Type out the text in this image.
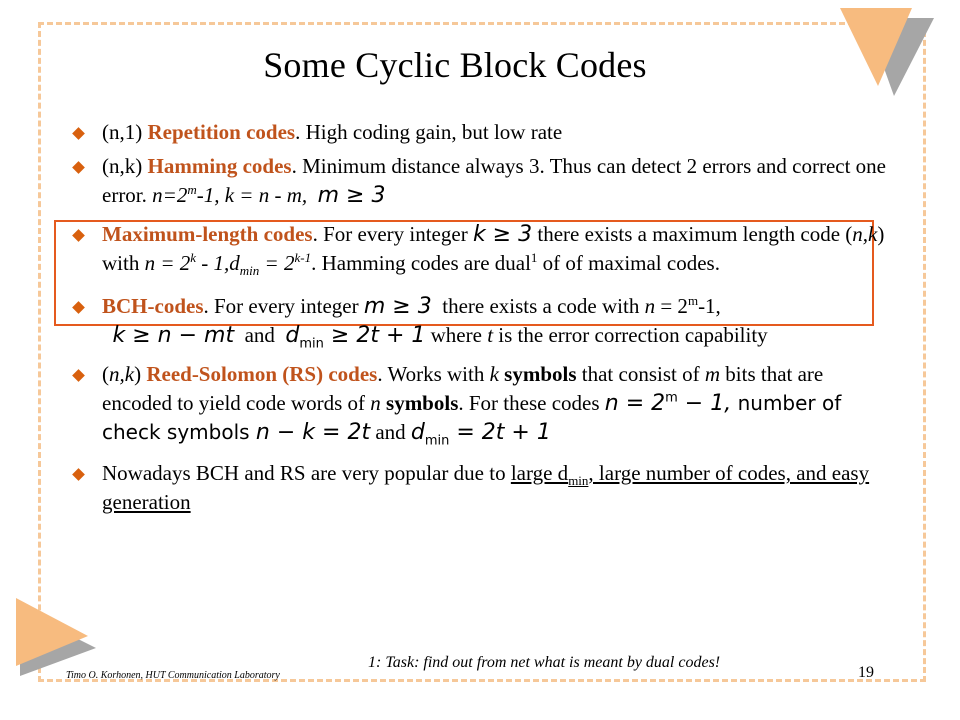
Some Cyclic Block Codes
(n,1) Repetition codes. High coding gain, but low rate
(n,k) Hamming codes. Minimum distance always 3. Thus can detect 2 errors and correct one error. $n=2^m-1$, k = n - m, m ≥ 3
Maximum-length codes. For every integer k ≥ 3 there exists a maximum length code (n,k) with $n = 2^k - 1,d_{min} = 2^{k-1}$. Hamming codes are dual$^1$ of of maximal codes.
BCH-codes. For every integer m ≥ 3  there exists a code with $n = 2^m-1$,
k ≥ n − mt and $d_{min} \ge 2t + 1$ where t is the error correction capability
(n,k) Reed-Solomon (RS) codes. Works with k symbols that consist of m bits that are encoded to yield code words of n symbols. For these codes $n = 2^m - 1$, number of check symbols n − k = 2t and $d_{min} = 2t + 1$
Nowadays BCH and RS are very popular due to large $d_{min}$, large number of codes, and easy generation
1: Task: find out from net what is meant by dual codes!
Timo O. Korhonen, HUT Communication Laboratory	19
